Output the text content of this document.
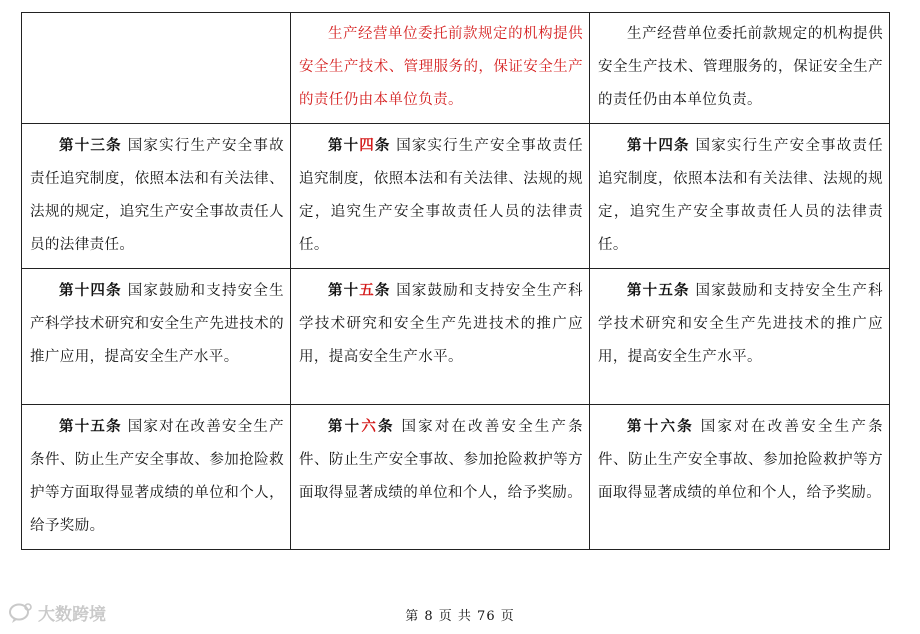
	生产经营单位委托前款规定的机构提供安全生产技术、管理服务的，保证安全生产的责任仍由本单位负责。	生产经营单位委托前款规定的机构提供安全生产技术、管理服务的，保证安全生产的责任仍由本单位负责。
第十三条 国家实行生产安全事故责任追究制度，依照本法和有关法律、法规的规定，追究生产安全事故责任人员的法律责任。	第十四条 国家实行生产安全事故责任追究制度，依照本法和有关法律、法规的规定，追究生产安全事故责任人员的法律责任。	第十四条 国家实行生产安全事故责任追究制度，依照本法和有关法律、法规的规定，追究生产安全事故责任人员的法律责任。
第十四条 国家鼓励和支持安全生产科学技术研究和安全生产先进技术的推广应用，提高安全生产水平。	第十五条 国家鼓励和支持安全生产科学技术研究和安全生产先进技术的推广应用，提高安全生产水平。	第十五条 国家鼓励和支持安全生产科学技术研究和安全生产先进技术的推广应用，提高安全生产水平。
第十五条 国家对在改善安全生产条件、防止生产安全事故、参加抢险救护等方面取得显著成绩的单位和个人，给予奖励。	第十六条 国家对在改善安全生产条件、防止生产安全事故、参加抢险救护等方面取得显著成绩的单位和个人，给予奖励。	第十六条 国家对在改善安全生产条件、防止生产安全事故、参加抢险救护等方面取得显著成绩的单位和个人，给予奖励。
大数跨境	第 8 页 共 76 页
